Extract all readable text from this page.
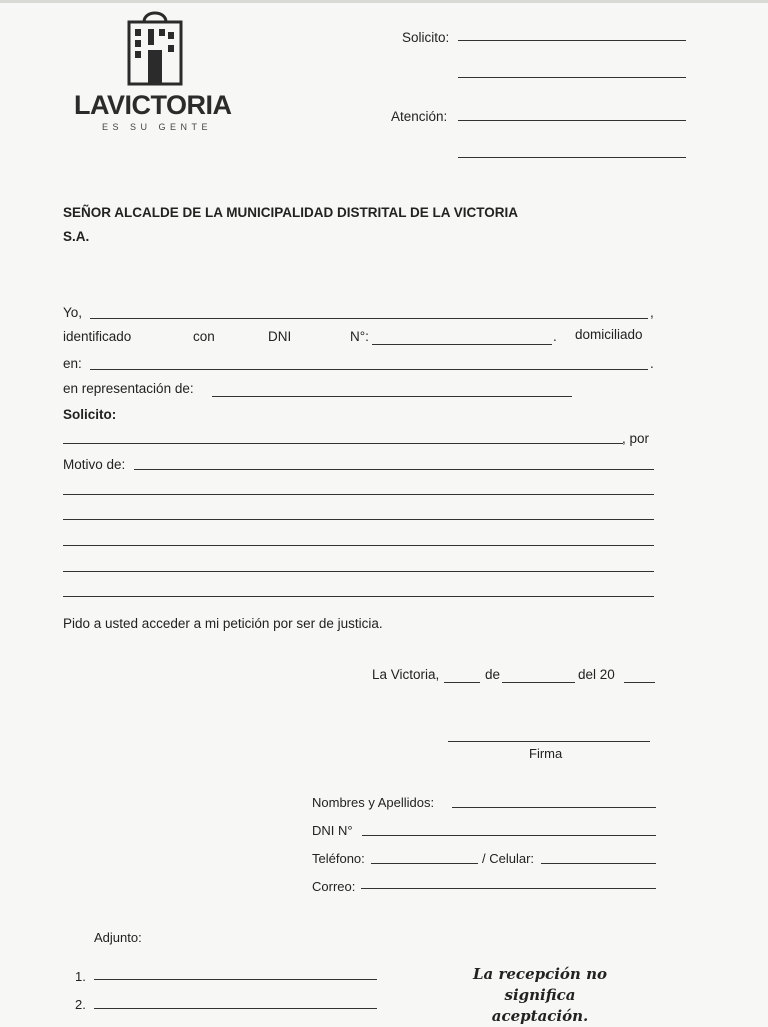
LAVICTORIA
ES SU GENTE
Solicito:
Atención:
SEÑOR ALCALDE DE LA MUNICIPALIDAD DISTRITAL DE LA VICTORIA
S.A.
Yo,	,
identificado	con	DNI	N°:	. domiciliado
en:	.
en representación de:
Solicito:
, por
Motivo de:
Pido a usted acceder a mi petición por ser de justicia.
La Victoria,	de	del 20
Firma
Nombres y Apellidos:
DNI N°
Teléfono:	/ Celular:
Correo:
Adjunto:
1.
2.
La recepción no significa
aceptación.
